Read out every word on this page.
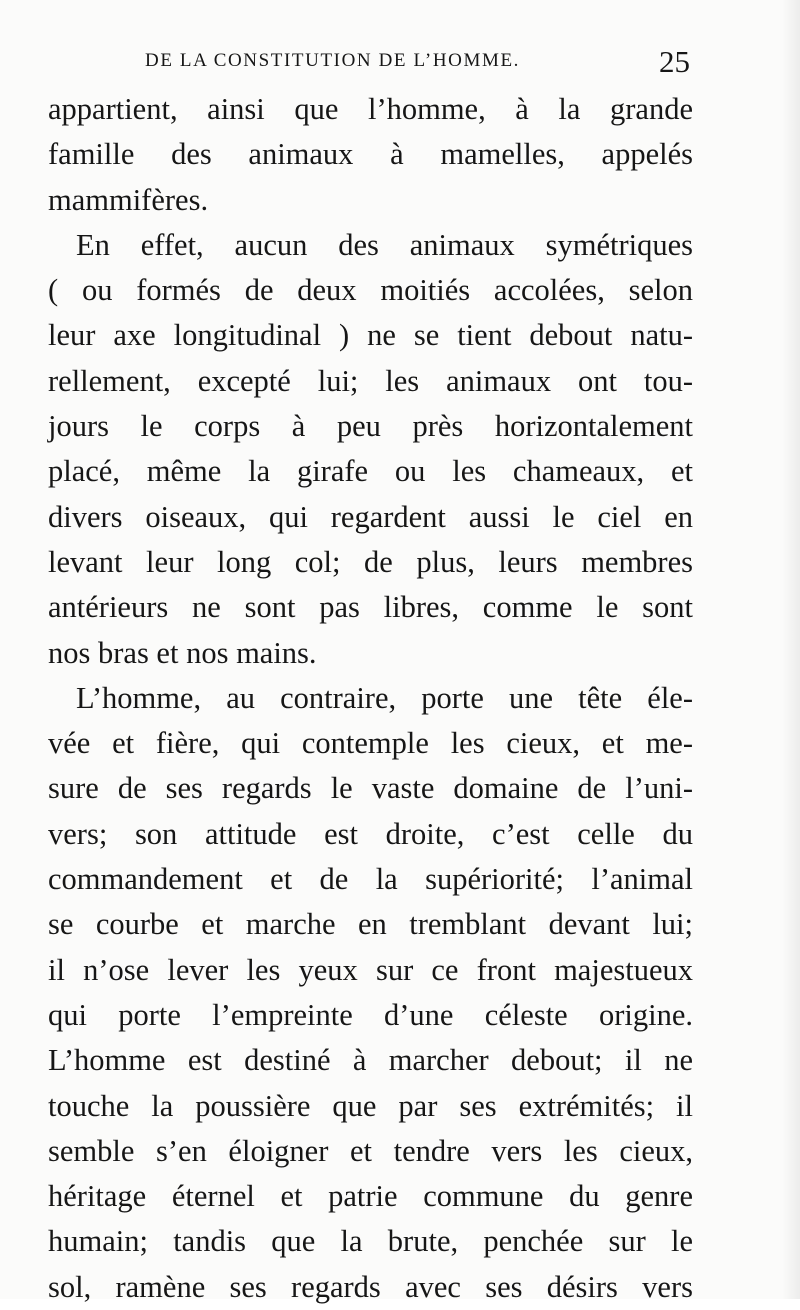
DE LA CONSTITUTION DE L’HOMME.	25
appartient, ainsi que l’homme, à la grande
famille des animaux à mamelles, appelés
mammifères.
En effet, aucun des animaux symétriques
( ou formés de deux moitiés accolées, selon
leur axe longitudinal ) ne se tient debout natu-
rellement, excepté lui; les animaux ont tou-
jours le corps à peu près horizontalement
placé, même la girafe ou les chameaux, et
divers oiseaux, qui regardent aussi le ciel en
levant leur long col; de plus, leurs membres
antérieurs ne sont pas libres, comme le sont
nos bras et nos mains.
L’homme, au contraire, porte une tête éle-
vée et fière, qui contemple les cieux, et me-
sure de ses regards le vaste domaine de l’uni-
vers; son attitude est droite, c’est celle du
commandement et de la supériorité; l’animal
se courbe et marche en tremblant devant lui;
il n’ose lever les yeux sur ce front majestueux
qui porte l’empreinte d’une céleste origine.
L’homme est destiné à marcher debout; il ne
touche la poussière que par ses extrémités; il
semble s’en éloigner et tendre vers les cieux,
héritage éternel et patrie commune du genre
humain; tandis que la brute, penchée sur le
sol, ramène ses regards avec ses désirs vers
